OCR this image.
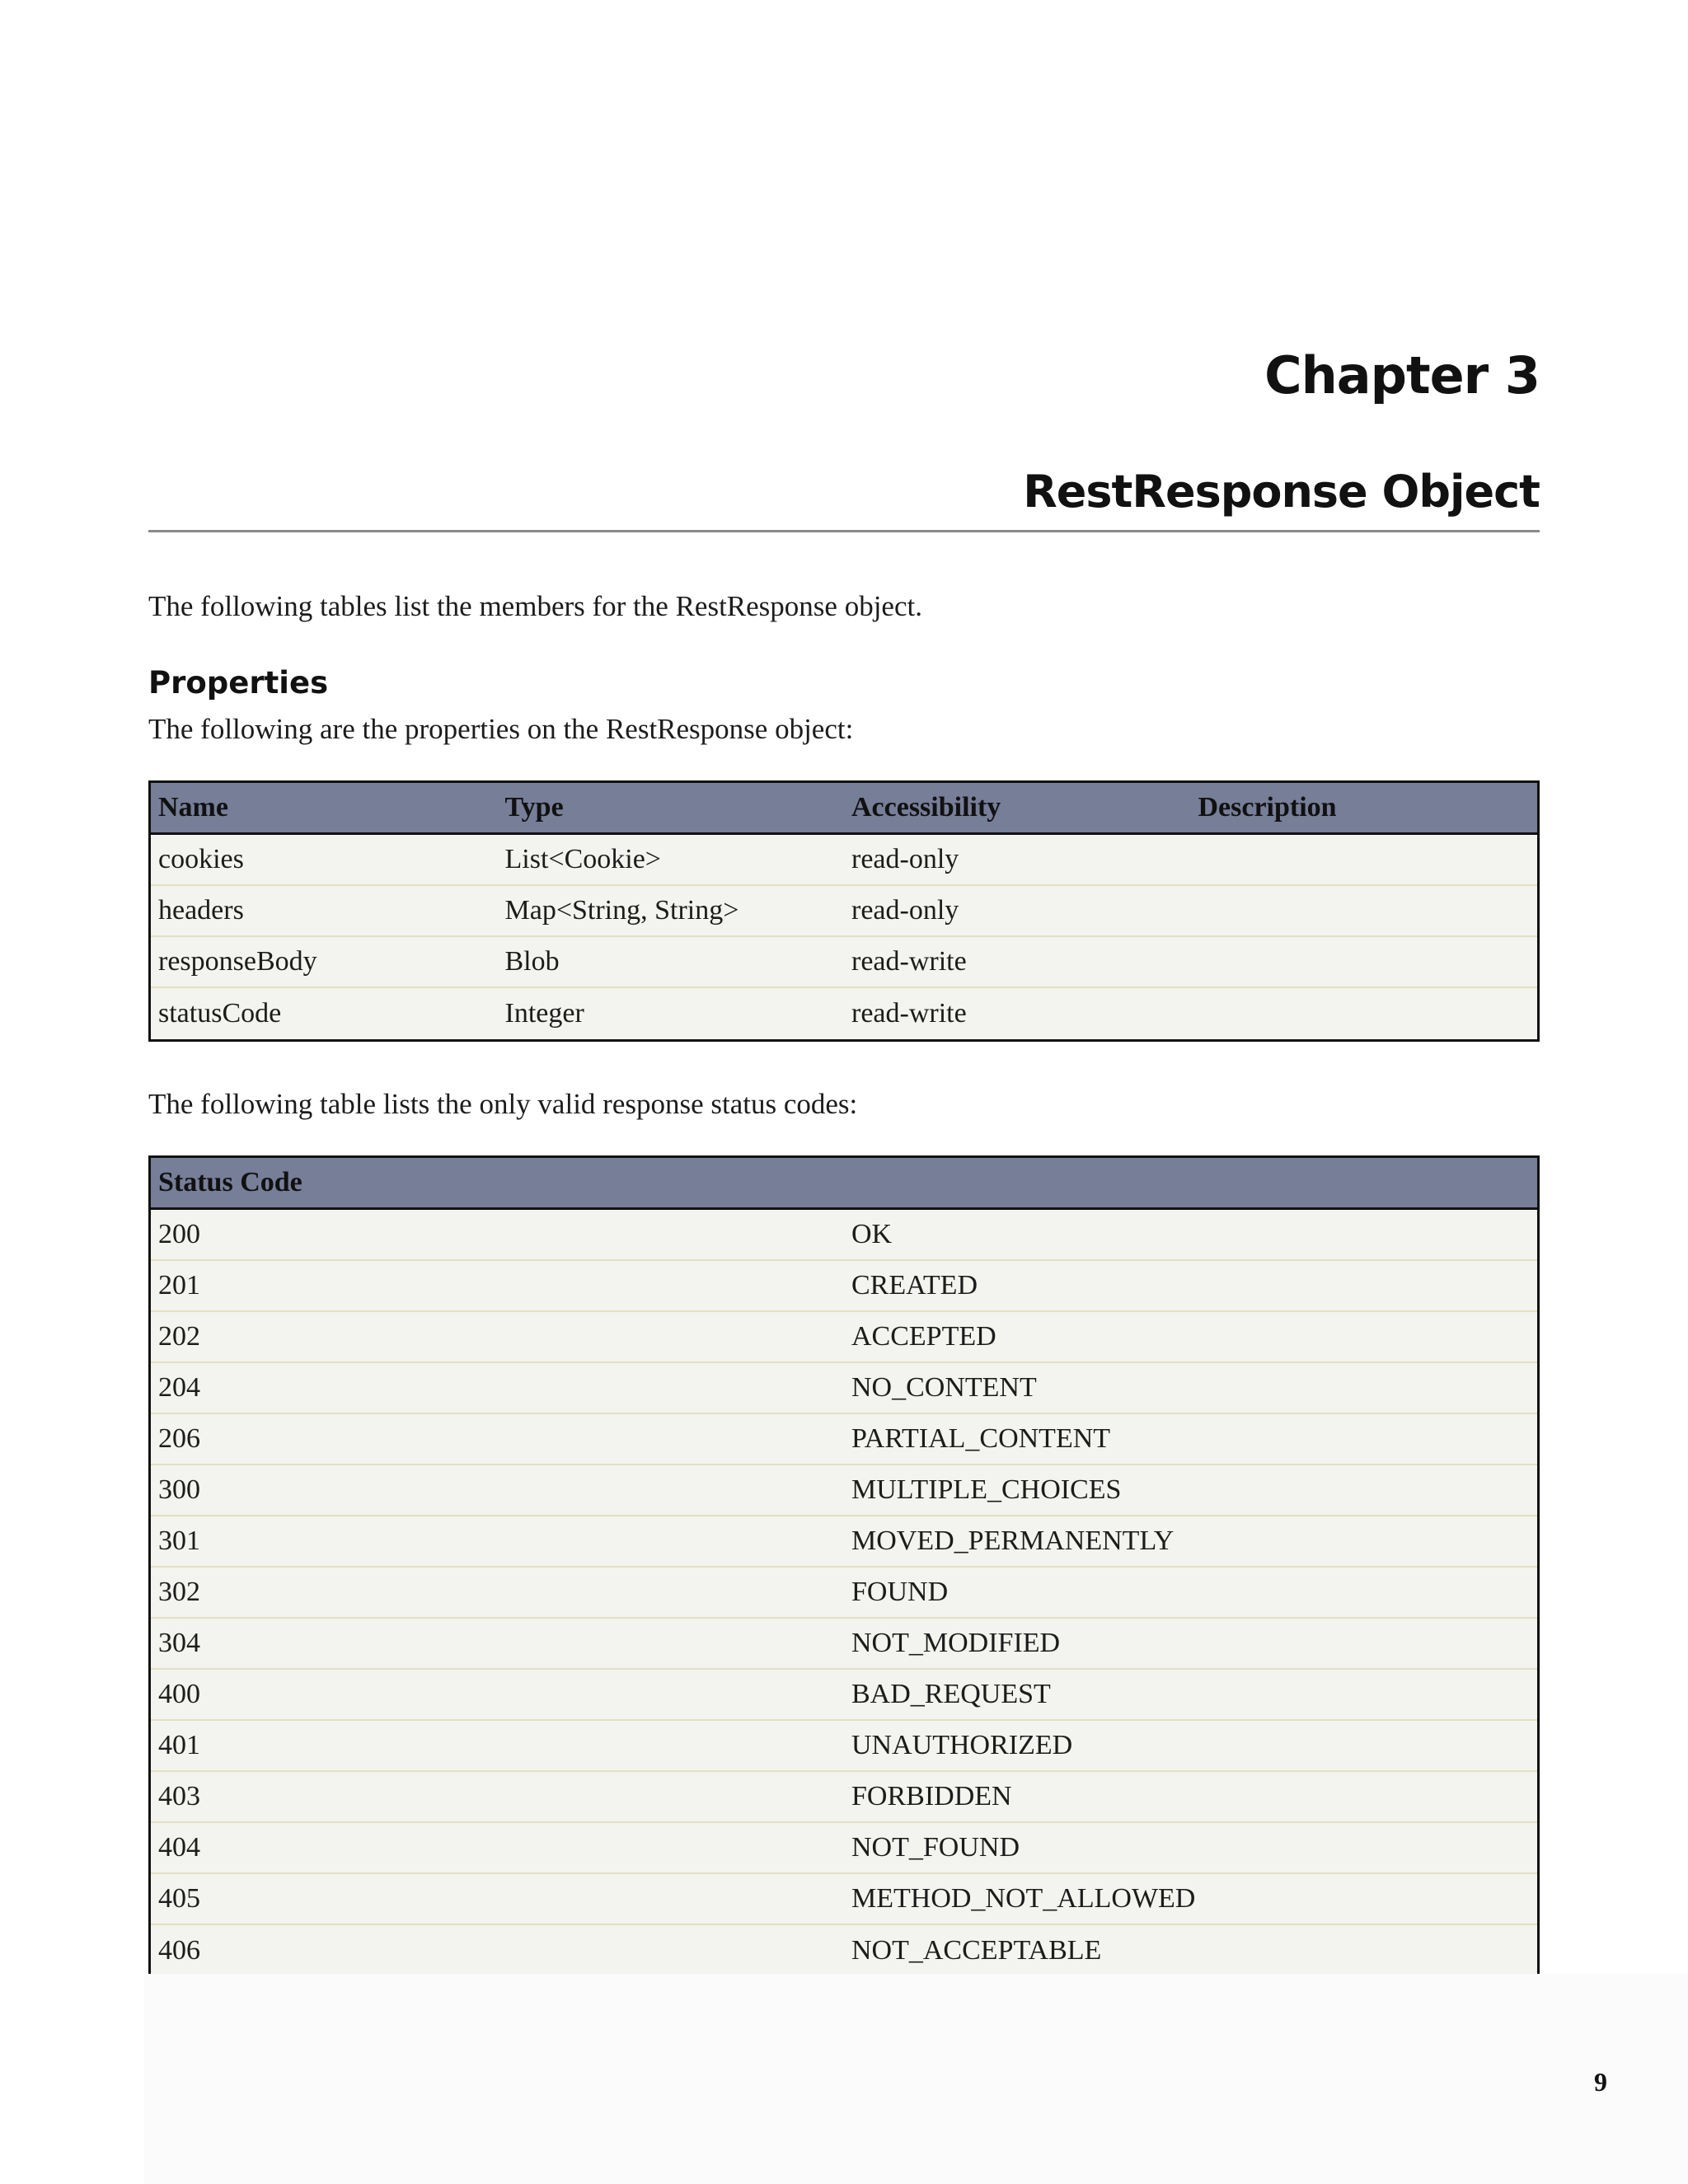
Chapter 3
RestResponse Object

The following tables list the members for the RestResponse object.

Properties

The following are the properties on the RestResponse object:

Name	Type	Accessibility	Description
cookies	List<Cookie>	read-only
headers	Map<String, String>	read-only
responseBody	Blob	read-write
statusCode	Integer	read-write

The following table lists the only valid response status codes:

Status Code
200	OK
201	CREATED
202	ACCEPTED
204	NO_CONTENT
206	PARTIAL_CONTENT
300	MULTIPLE_CHOICES
301	MOVED_PERMANENTLY
302	FOUND
304	NOT_MODIFIED
400	BAD_REQUEST
401	UNAUTHORIZED
403	FORBIDDEN
404	NOT_FOUND
405	METHOD_NOT_ALLOWED
406	NOT_ACCEPTABLE

9
